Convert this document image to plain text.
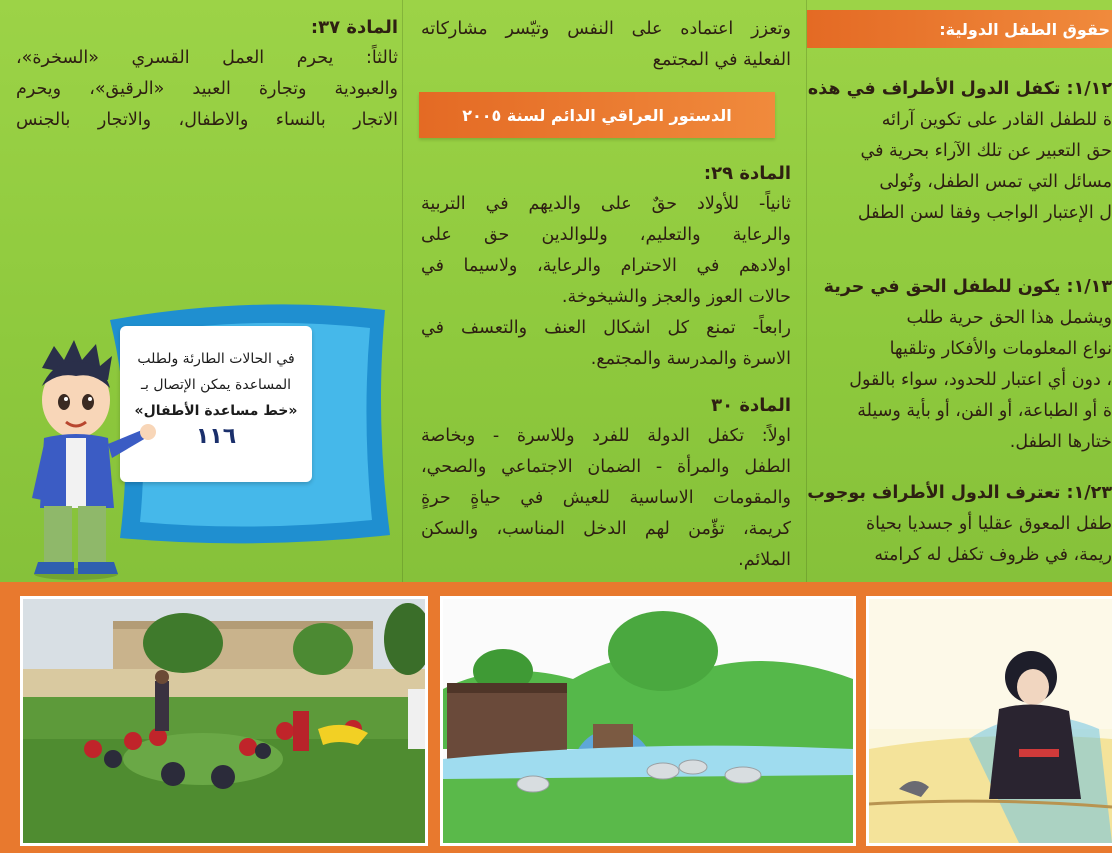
المادة ٣٧:
ثالثاً: يحرم العمل القسري «السخرة»،
والعبودية وتجارة العبيد «الرقيق»، ويحرم
الاتجار بالنساء والاطفال، والاتجار بالجنس
في الحالات الطارئة ولطلب
المساعدة يمكن الإتصال بـ
«خط مساعدة الأطفال»
١١٦
وتعزز اعتماده على النفس وتيّسر مشاركاته
الفعلية في المجتمع
الدستور العراقي الدائم لسنة ٢٠٠٥
المادة ٢٩:
ثانياً- للأولاد حقٌ على والديهم في التربية
والرعاية والتعليم، وللوالدين حق على
اولادهم في الاحترام والرعاية، ولاسيما في
حالات العوز والعجز والشيخوخة.
رابعاً- تمنع كل اشكال العنف والتعسف في
الاسرة والمدرسة والمجتمع.
المادة ٣٠
اولاً: تكفل الدولة للفرد وللاسرة - وبخاصة
الطفل والمرأة - الضمان الاجتماعي والصحي،
والمقومات الاساسية للعيش في حياةٍ حرةٍ
كريمة، تؤّمن لهم الدخل المناسب، والسكن
الملائم.
حقوق الطفل الدولية:
١/١٢: تكفل الدول الأطراف في هذه
ة للطفل القادر على تكوين آرائه
حق التعبير عن تلك الآراء بحرية في
مسائل التي تمس الطفل، وتُولى
ل الإعتبار الواجب وفقا لسن الطفل
١/١٣: يكون للطفل الحق في حرية
ويشمل هذا الحق حرية طلب
نواع المعلومات والأفكار وتلقيها
، دون أي اعتبار للحدود، سواء بالقول
ة أو الطباعة، أو الفن، أو بأية وسيلة
ختارها الطفل.
١/٢٣: تعترف الدول الأطراف بوجوب
طفل المعوق عقليا أو جسديا بحياة
ريمة، في ظروف تكفل له كرامته
